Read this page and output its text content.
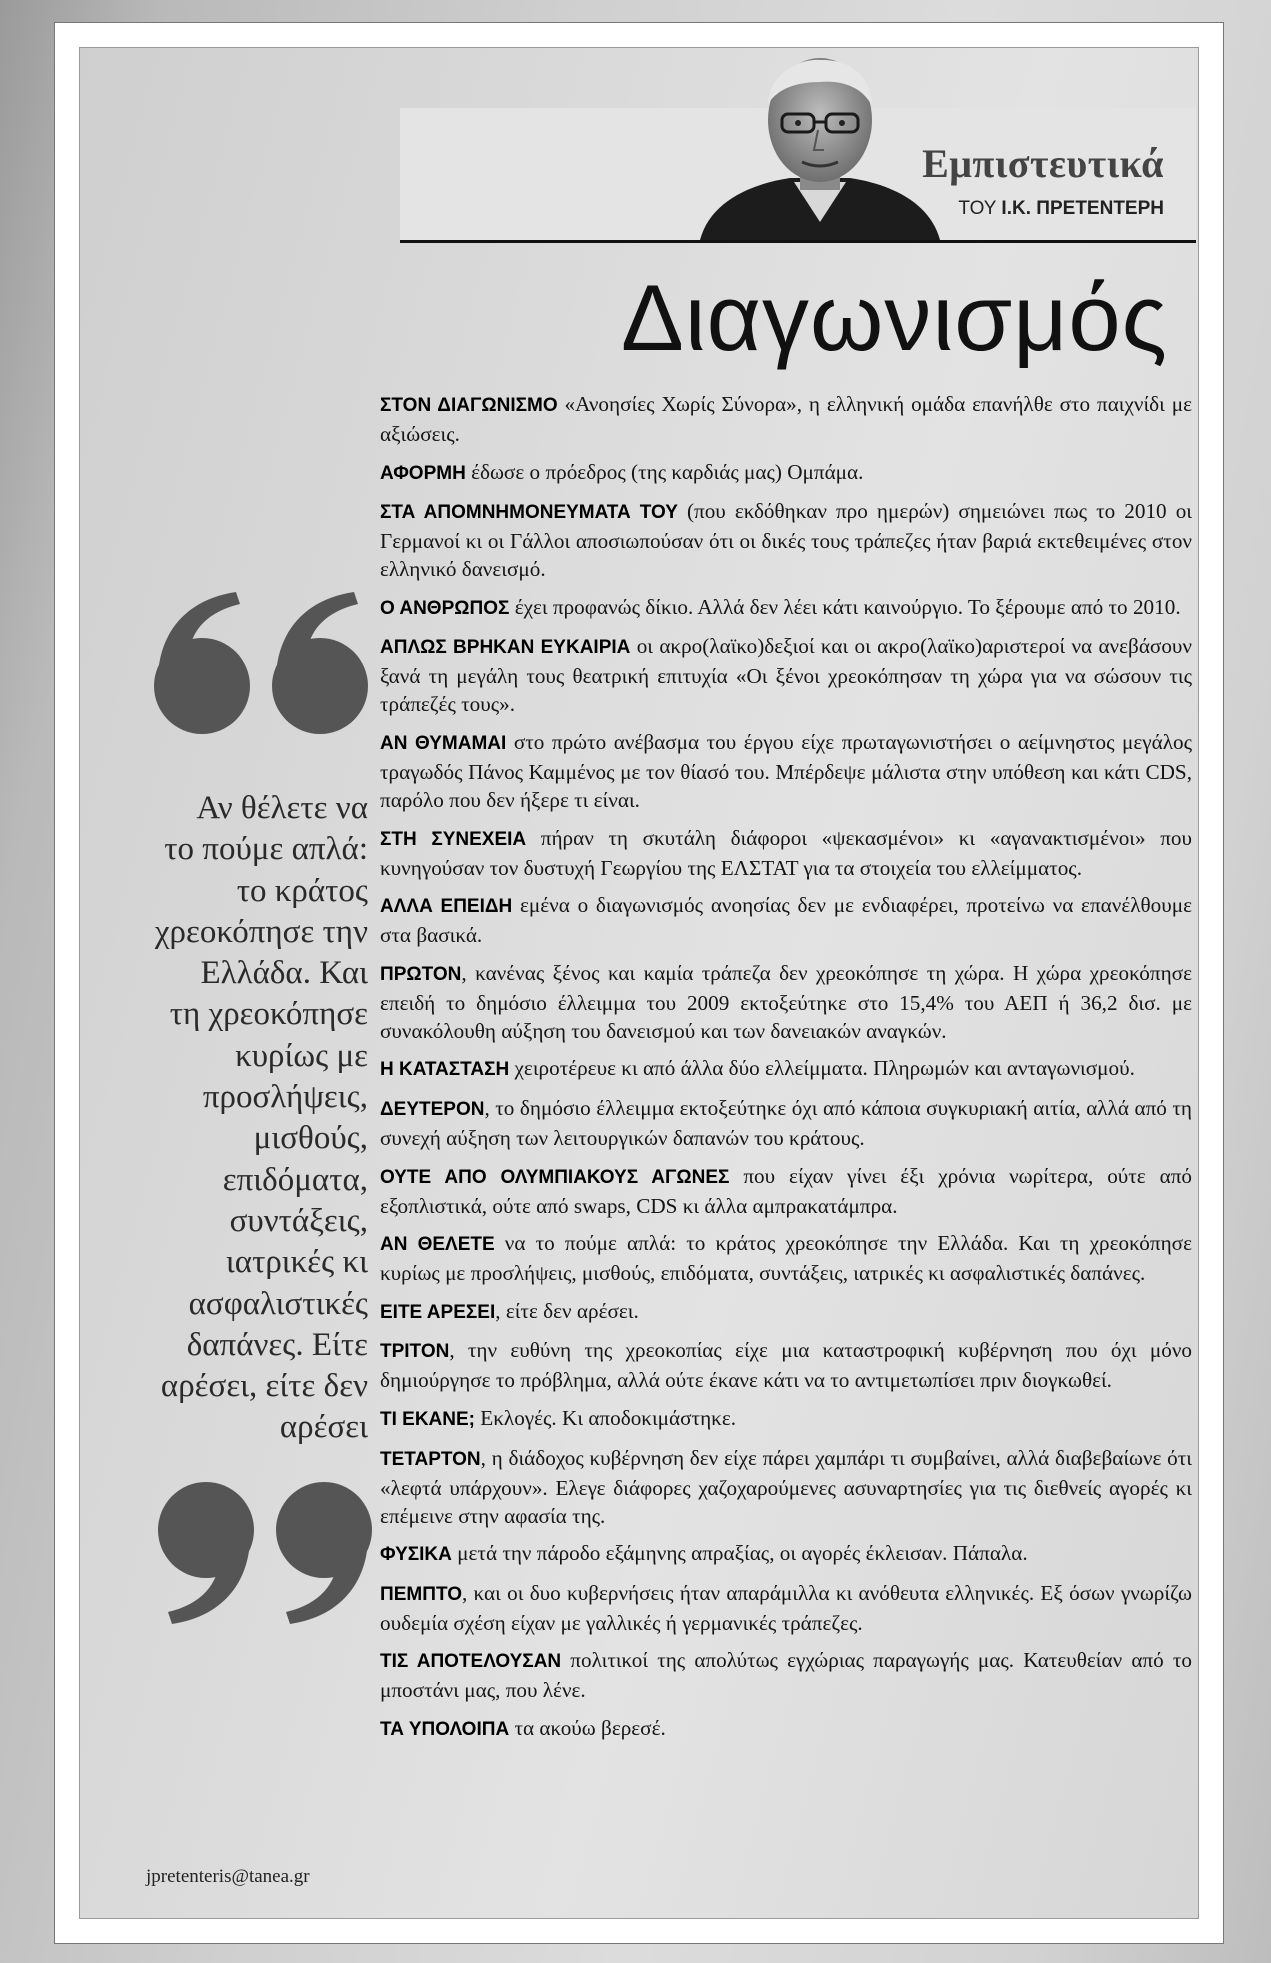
Εμπιστευτικά
ΤΟΥ Ι.Κ. ΠΡΕΤΕΝΤΕΡΗ
Διαγωνισμός
Αν θέλετε να
το πούμε απλά:
το κράτος
χρεοκόπησε την
Ελλάδα. Και
τη χρεοκόπησε
κυρίως με
προσλήψεις,
μισθούς,
επιδόματα,
συντάξεις,
ιατρικές κι
ασφαλιστικές
δαπάνες. Είτε
αρέσει, είτε δεν
αρέσει
jpretenteris@tanea.gr

ΣΤΟΝ ΔΙΑΓΩΝΙΣΜΟ «Ανοησίες Χωρίς Σύνορα», η ελληνική ομάδα επανήλθε στο παιχνίδι με αξιώσεις.

ΑΦΟΡΜΗ έδωσε ο πρόεδρος (της καρδιάς μας) Ομπάμα.

ΣΤΑ ΑΠΟΜΝΗΜΟΝΕΥΜΑΤΑ ΤΟΥ (που εκδόθηκαν προ ημερών) σημειώνει πως το 2010 οι Γερμανοί κι οι Γάλλοι αποσιωπούσαν ότι οι δικές τους τράπεζες ήταν βαριά εκτεθειμένες στον ελληνικό δανεισμό.

Ο ΑΝΘΡΩΠΟΣ έχει προφανώς δίκιο. Αλλά δεν λέει κάτι καινούργιο. Το ξέρουμε από το 2010.

ΑΠΛΩΣ ΒΡΗΚΑΝ ΕΥΚΑΙΡΙΑ οι ακρο(λαϊκο)δεξιοί και οι ακρο(λαϊκο)αριστεροί να ανεβάσουν ξανά τη μεγάλη τους θεατρική επιτυχία «Οι ξένοι χρεοκόπησαν τη χώρα για να σώσουν τις τράπεζές τους».

ΑΝ ΘΥΜΑΜΑΙ στο πρώτο ανέβασμα του έργου είχε πρωταγωνιστήσει ο αείμνηστος μεγάλος τραγωδός Πάνος Καμμένος με τον θίασό του. Μπέρδεψε μάλιστα στην υπόθεση και κάτι CDS, παρόλο που δεν ήξερε τι είναι.

ΣΤΗ ΣΥΝΕΧΕΙΑ πήραν τη σκυτάλη διάφοροι «ψεκασμένοι» κι «αγανακτισμένοι» που κυνηγούσαν τον δυστυχή Γεωργίου της ΕΛΣΤΑΤ για τα στοιχεία του ελλείμματος.

ΑΛΛΑ ΕΠΕΙΔΗ εμένα ο διαγωνισμός ανοησίας δεν με ενδιαφέρει, προτείνω να επανέλθουμε στα βασικά.

ΠΡΩΤΟΝ, κανένας ξένος και καμία τράπεζα δεν χρεοκόπησε τη χώρα. Η χώρα χρεοκόπησε επειδή το δημόσιο έλλειμμα του 2009 εκτοξεύτηκε στο 15,4% του ΑΕΠ ή 36,2 δισ. με συνακόλουθη αύξηση του δανεισμού και των δανειακών αναγκών.

Η ΚΑΤΑΣΤΑΣΗ χειροτέρευε κι από άλλα δύο ελλείμματα. Πληρωμών και ανταγωνισμού.

ΔΕΥΤΕΡΟΝ, το δημόσιο έλλειμμα εκτοξεύτηκε όχι από κάποια συγκυριακή αιτία, αλλά από τη συνεχή αύξηση των λειτουργικών δαπανών του κράτους.

ΟΥΤΕ ΑΠΟ ΟΛΥΜΠΙΑΚΟΥΣ ΑΓΩΝΕΣ που είχαν γίνει έξι χρόνια νωρίτερα, ούτε από εξοπλιστικά, ούτε από swaps, CDS κι άλλα αμπρακατάμπρα.

ΑΝ ΘΕΛΕΤΕ να το πούμε απλά: το κράτος χρεοκόπησε την Ελλάδα. Και τη χρεοκόπησε κυρίως με προσλήψεις, μισθούς, επιδόματα, συντάξεις, ιατρικές κι ασφαλιστικές δαπάνες.

ΕΙΤΕ ΑΡΕΣΕΙ, είτε δεν αρέσει.

ΤΡΙΤΟΝ, την ευθύνη της χρεοκοπίας είχε μια καταστροφική κυβέρνηση που όχι μόνο δημιούργησε το πρόβλημα, αλλά ούτε έκανε κάτι να το αντιμετωπίσει πριν διογκωθεί.

ΤΙ ΕΚΑΝΕ; Εκλογές. Κι αποδοκιμάστηκε.

ΤΕΤΑΡΤΟΝ, η διάδοχος κυβέρνηση δεν είχε πάρει χαμπάρι τι συμβαίνει, αλλά διαβεβαίωνε ότι «λεφτά υπάρχουν». Ελεγε διάφορες χαζοχαρούμενες ασυναρτησίες για τις διεθνείς αγορές κι επέμεινε στην αφασία της.

ΦΥΣΙΚΑ μετά την πάροδο εξάμηνης απραξίας, οι αγορές έκλεισαν. Πάπαλα.

ΠΕΜΠΤΟ, και οι δυο κυβερνήσεις ήταν απαράμιλλα κι ανόθευτα ελληνικές. Εξ όσων γνωρίζω ουδεμία σχέση είχαν με γαλλικές ή γερμανικές τράπεζες.

ΤΙΣ ΑΠΟΤΕΛΟΥΣΑΝ πολιτικοί της απολύτως εγχώριας παραγωγής μας. Κατευθείαν από το μποστάνι μας, που λένε.

ΤΑ ΥΠΟΛΟΙΠΑ τα ακούω βερεσέ.
